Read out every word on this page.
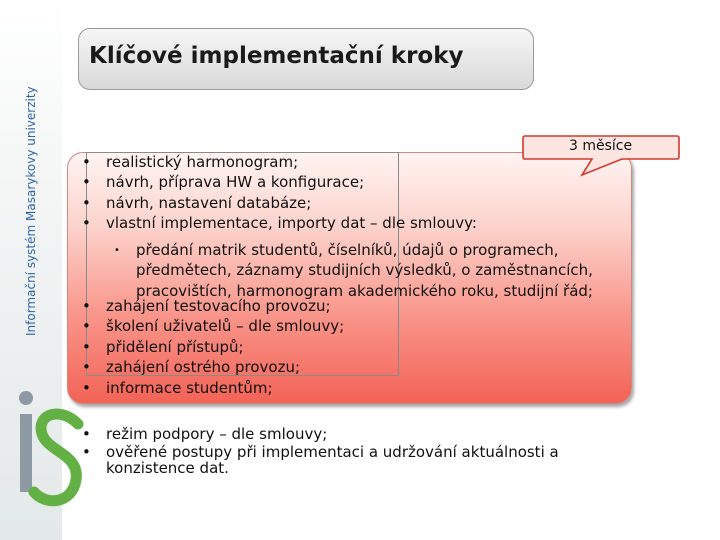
Informační systém Masarykovy univerzity
Klíčové implementační kroky
3 měsíce
• realistický harmonogram;
• návrh, příprava HW a konfigurace;
• návrh, nastavení databáze;
• vlastní implementace, importy dat – dle smlouvy:
• předání matrik studentů, číselníků, údajů o programech, předmětech, záznamy studijních výsledků, o zaměstnancích, pracovištích, harmonogram akademického roku, studijní řád;
• zahájení testovacího provozu;
• školení uživatelů – dle smlouvy;
• přidělení přístupů;
• zahájení ostrého provozu;
• informace studentům;
• režim podpory – dle smlouvy;
• ověřené postupy při implementaci a udržování aktuálnosti a konzistence dat.
